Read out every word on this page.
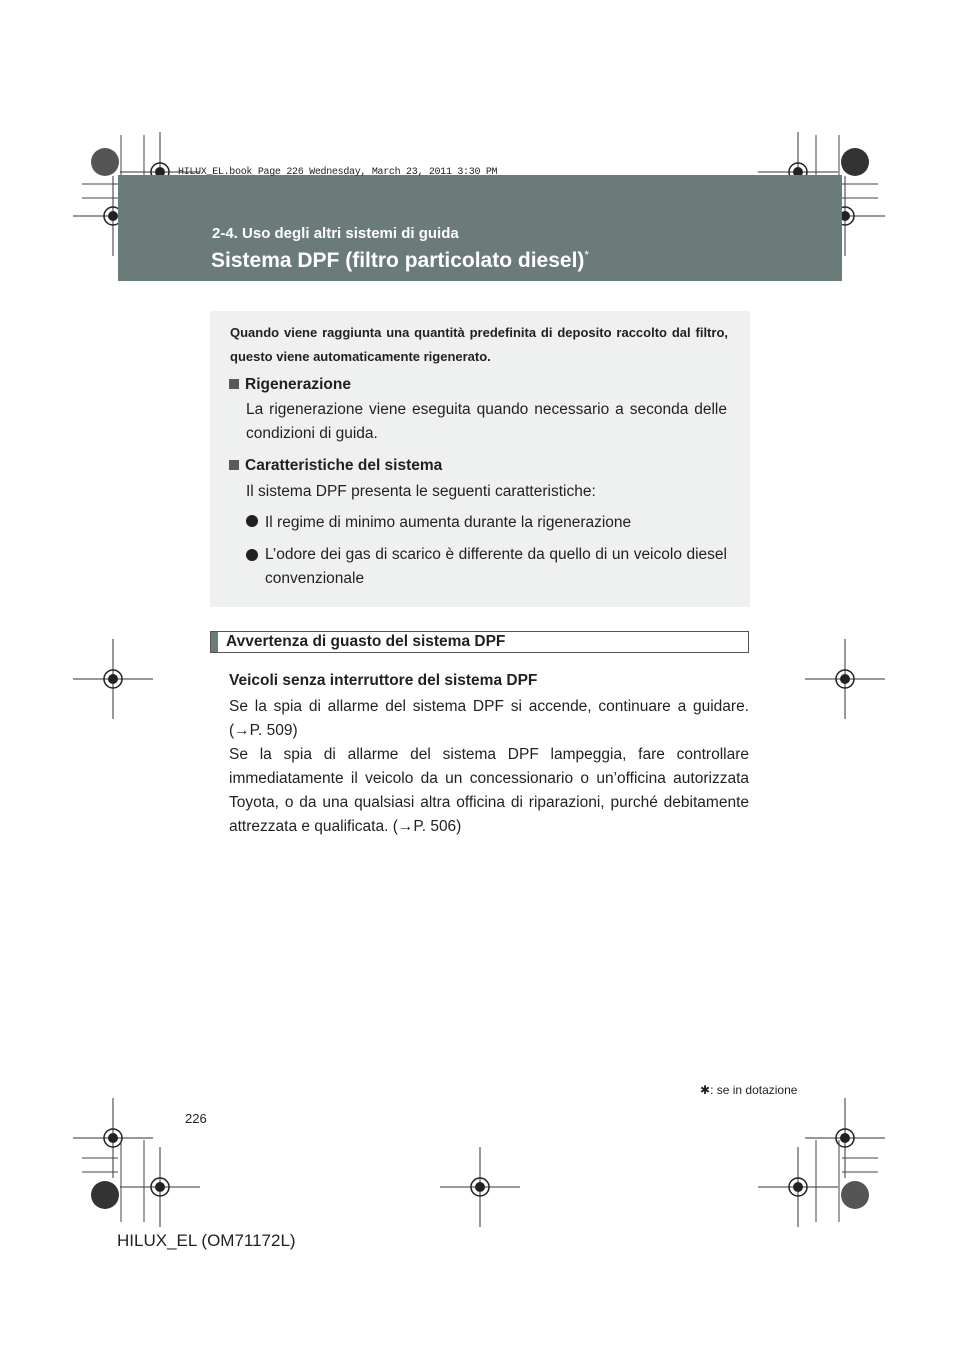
HILUX_EL.book Page 226 Wednesday, March 23, 2011 3:30 PM
2-4. Uso degli altri sistemi di guida
Sistema DPF (filtro particolato diesel)*
Quando viene raggiunta una quantità predefinita di deposito raccolto dal filtro, questo viene automaticamente rigenerato.
Rigenerazione
La rigenerazione viene eseguita quando necessario a seconda delle condizioni di guida.
Caratteristiche del sistema
Il sistema DPF presenta le seguenti caratteristiche:
Il regime di minimo aumenta durante la rigenerazione
L’odore dei gas di scarico è differente da quello di un veicolo diesel convenzionale
Avvertenza di guasto del sistema DPF
Veicoli senza interruttore del sistema DPF
Se la spia di allarme del sistema DPF si accende, continuare a guidare. (→P. 509)
Se la spia di allarme del sistema DPF lampeggia, fare controllare immediatamente il veicolo da un concessionario o un’officina autorizzata Toyota, o da una qualsiasi altra officina di riparazioni, purché debitamente attrezzata e qualificata. (→P. 506)
✱: se in dotazione
226
HILUX_EL (OM71172L)
